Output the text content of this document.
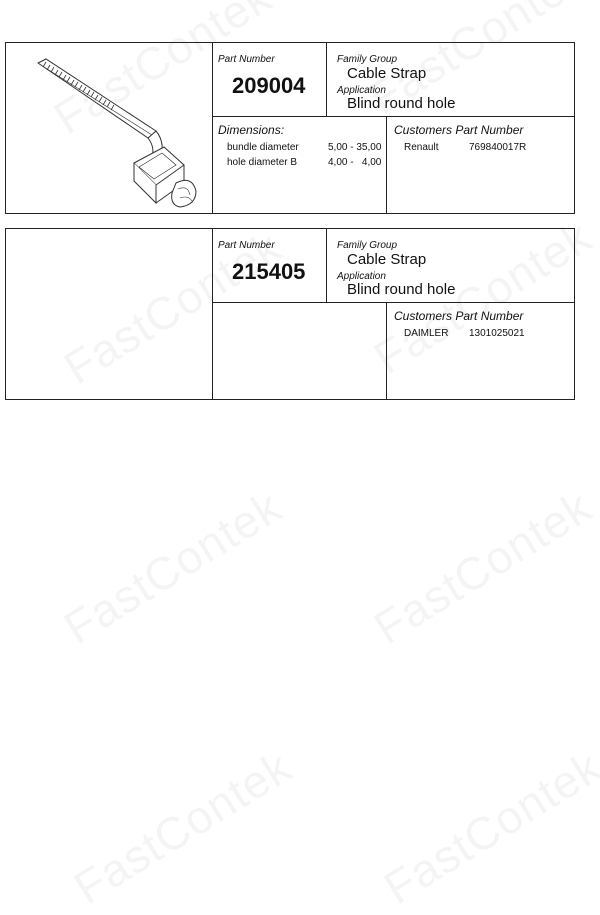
Part Number
209004
Family Group
Cable Strap
Application
Blind round hole
Dimensions:
bundle diameter	5,00 - 35,00
hole diameter B	4,00 -   4,00
Customers Part Number
Renault	769840017R
Part Number
215405
Family Group
Cable Strap
Application
Blind round hole
Customers Part Number
DAIMLER 1301025021
